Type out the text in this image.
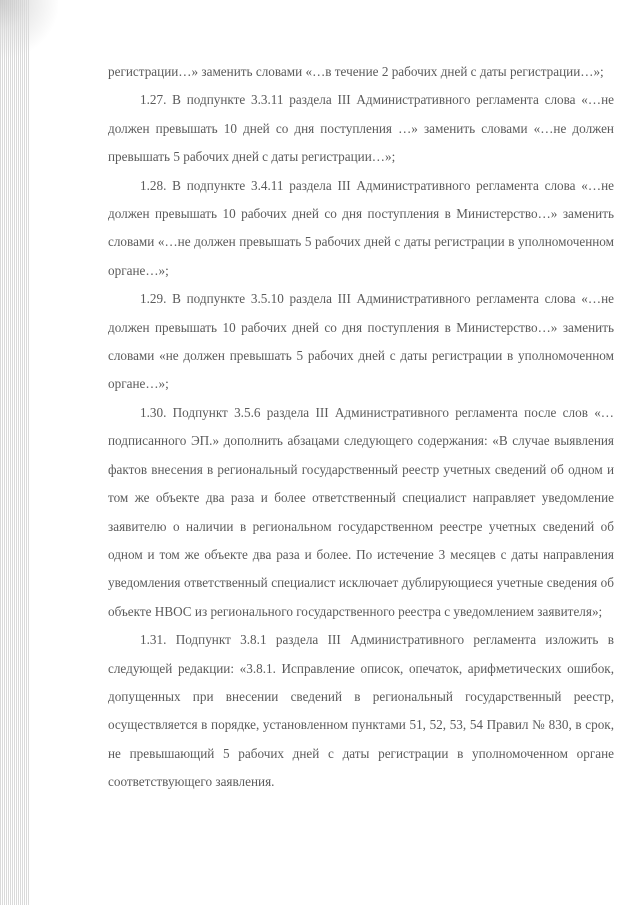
регистрации…» заменить словами «…в течение 2 рабочих дней с даты регистрации…»;

1.27. В подпункте 3.3.11 раздела III Административного регламента слова «…не должен превышать 10 дней со дня поступления …» заменить словами «…не должен превышать 5 рабочих дней с даты регистрации…»;

1.28. В подпункте 3.4.11 раздела III Административного регламента слова «…не должен превышать 10 рабочих дней со дня поступления в Министерство…» заменить словами «…не должен превышать 5 рабочих дней с даты регистрации в уполномоченном органе…»;

1.29. В подпункте 3.5.10 раздела III Административного регламента слова «…не должен превышать 10 рабочих дней со дня поступления в Министерство…» заменить словами «не должен превышать 5 рабочих дней с даты регистрации в уполномоченном органе…»;

1.30. Подпункт 3.5.6 раздела III Административного регламента после слов «…подписанного ЭП.» дополнить абзацами следующего содержания: «В случае выявления фактов внесения в региональный государственный реестр учетных сведений об одном и том же объекте два раза и более ответственный специалист направляет уведомление заявителю о наличии в региональном государственном реестре учетных сведений об одном и том же объекте два раза и более. По истечение 3 месяцев с даты направления уведомления ответственный специалист исключает дублирующиеся учетные сведения об объекте НВОС из регионального государственного реестра с уведомлением заявителя»;

1.31. Подпункт 3.8.1 раздела III Административного регламента изложить в следующей редакции: «3.8.1. Исправление описок, опечаток, арифметических ошибок, допущенных при внесении сведений в региональный государственный реестр, осуществляется в порядке, установленном пунктами 51, 52, 53, 54 Правил № 830, в срок, не превышающий 5 рабочих дней с даты регистрации в уполномоченном органе соответствующего заявления.
